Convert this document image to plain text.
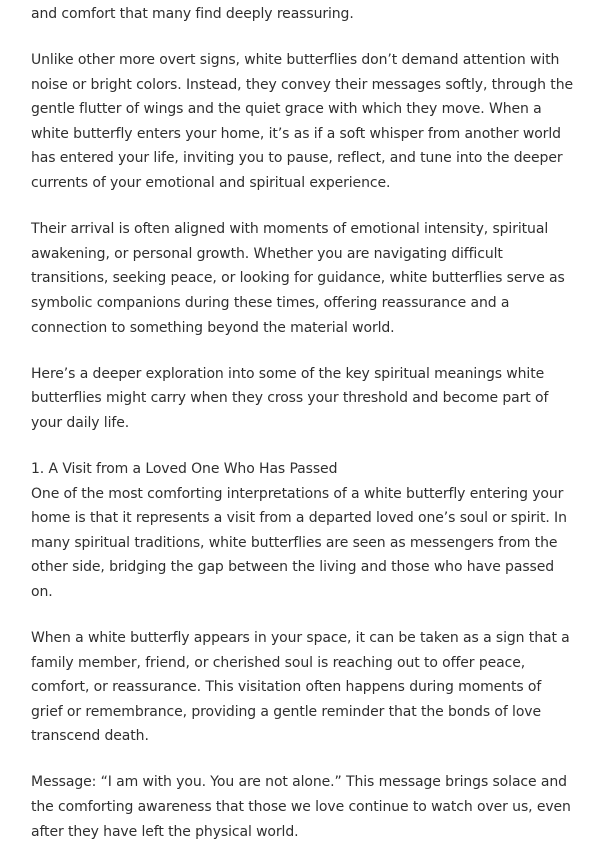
and comfort that many find deeply reassuring.

Unlike other more overt signs, white butterflies don’t demand attention with noise or bright colors. Instead, they convey their messages softly, through the gentle flutter of wings and the quiet grace with which they move. When a white butterfly enters your home, it’s as if a soft whisper from another world has entered your life, inviting you to pause, reflect, and tune into the deeper currents of your emotional and spiritual experience.

Their arrival is often aligned with moments of emotional intensity, spiritual awakening, or personal growth. Whether you are navigating difficult transitions, seeking peace, or looking for guidance, white butterflies serve as symbolic companions during these times, offering reassurance and a connection to something beyond the material world.

Here’s a deeper exploration into some of the key spiritual meanings white butterflies might carry when they cross your threshold and become part of your daily life.

1. A Visit from a Loved One Who Has Passed
One of the most comforting interpretations of a white butterfly entering your home is that it represents a visit from a departed loved one’s soul or spirit. In many spiritual traditions, white butterflies are seen as messengers from the other side, bridging the gap between the living and those who have passed on.

When a white butterfly appears in your space, it can be taken as a sign that a family member, friend, or cherished soul is reaching out to offer peace, comfort, or reassurance. This visitation often happens during moments of grief or remembrance, providing a gentle reminder that the bonds of love transcend death.

Message: “I am with you. You are not alone.” This message brings solace and the comforting awareness that those we love continue to watch over us, even after they have left the physical world.
